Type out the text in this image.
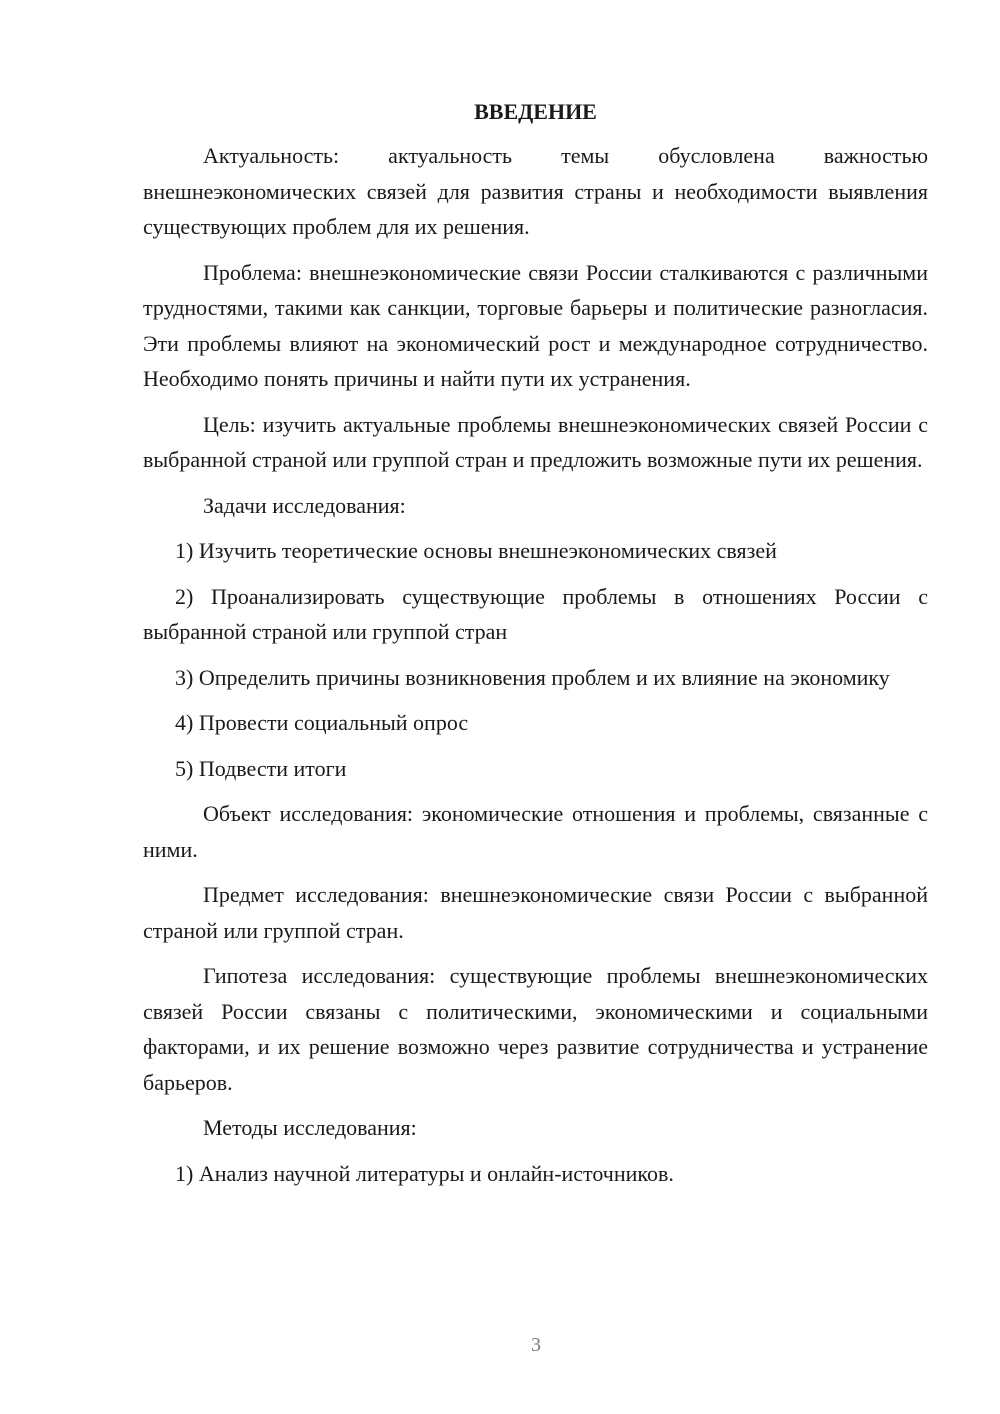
ВВЕДЕНИЕ

Актуальность: актуальность темы обусловлена важностью внешнеэкономических связей для развития страны и необходимости выявления существующих проблем для их решения.

Проблема: внешнеэкономические связи России сталкиваются с различными трудностями, такими как санкции, торговые барьеры и политические разногласия. Эти проблемы влияют на экономический рост и международное сотрудничество. Необходимо понять причины и найти пути их устранения.

Цель: изучить актуальные проблемы внешнеэкономических связей России с выбранной страной или группой стран и предложить возможные пути их решения.

Задачи исследования:

1) Изучить теоретические основы внешнеэкономических связей

2) Проанализировать существующие проблемы в отношениях России с выбранной страной или группой стран

3) Определить причины возникновения проблем и их влияние на экономику

4) Провести социальный опрос

5) Подвести итоги

Объект исследования: экономические отношения и проблемы, связанные с ними.

Предмет исследования: внешнеэкономические связи России с выбранной страной или группой стран.

Гипотеза исследования: существующие проблемы внешнеэкономических связей России связаны с политическими, экономическими и социальными факторами, и их решение возможно через развитие сотрудничества и устранение барьеров.

Методы исследования:

1) Анализ научной литературы и онлайн-источников.

3
